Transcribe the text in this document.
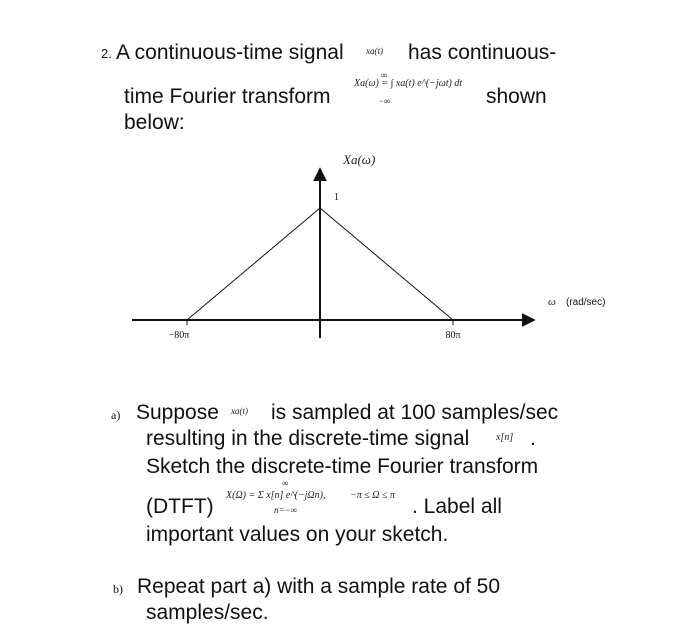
2. A continuous-time signal xa(t) has continuous-
time Fourier transform
∞
Xa(ω) = ∫ xa(t) e^(−jωt) dt
−∞	shown
below:
−80π	80π
1
Xa(ω)
ω (rad/sec)
a) Suppose xa(t) is sampled at 100 samples/sec
resulting in the discrete-time signal	x[n] .
Sketch the discrete-time Fourier transform
(DTFT)
∞
X(Ω) = Σ x[n] e^(−jΩn),
n=−∞
−π ≤ Ω ≤ π . Label all
important values on your sketch.
b) Repeat part a) with a sample rate of 50
samples/sec.
